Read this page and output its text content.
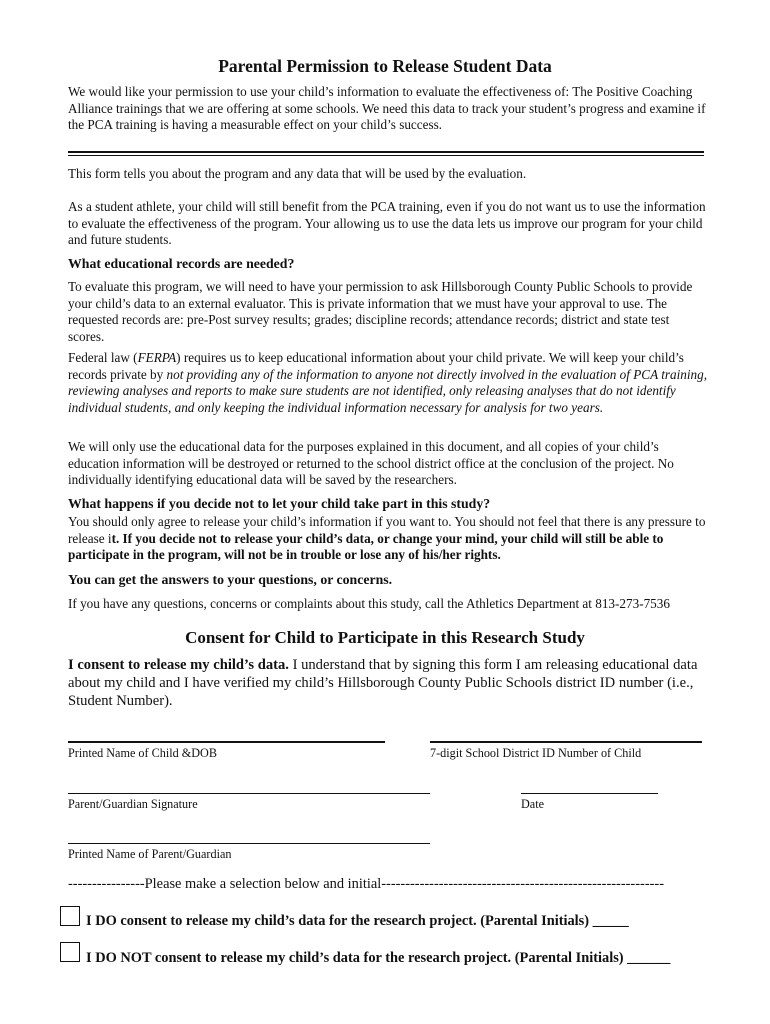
Parental Permission to Release Student Data
We would like your permission to use your child’s information to evaluate the effectiveness of: The Positive Coaching Alliance trainings that we are offering at some schools. We need this data to track your student’s progress and examine if the PCA training is having a measurable effect on your child’s success.
This form tells you about the program and any data that will be used by the evaluation.
As a student athlete, your child will still benefit from the PCA training, even if you do not want us to use the information to evaluate the effectiveness of the program. Your allowing us to use the data lets us improve our program for your child and future students.
What educational records are needed?
To evaluate this program, we will need to have your permission to ask Hillsborough County Public Schools to provide your child’s data to an external evaluator. This is private information that we must have your approval to use. The requested records are: pre-Post survey results; grades; discipline records; attendance records; district and state test scores.
Federal law (FERPA) requires us to keep educational information about your child private. We will keep your child’s records private by not providing any of the information to anyone not directly involved in the evaluation of PCA training, reviewing analyses and reports to make sure students are not identified, only releasing analyses that do not identify individual students, and only keeping the individual information necessary for analysis for two years.
We will only use the educational data for the purposes explained in this document, and all copies of your child’s education information will be destroyed or returned to the school district office at the conclusion of the project. No individually identifying educational data will be saved by the researchers.
What happens if you decide not to let your child take part in this study?
You should only agree to release your child’s information if you want to. You should not feel that there is any pressure to release it. If you decide not to release your child’s data, or change your mind, your child will still be able to participate in the program, will not be in trouble or lose any of his/her rights.
You can get the answers to your questions, or concerns.
If you have any questions, concerns or complaints about this study, call the Athletics Department at 813-273-7536
Consent for Child to Participate in this Research Study
I consent to release my child’s data. I understand that by signing this form I am releasing educational data about my child and I have verified my child’s Hillsborough County Public Schools district ID number (i.e., Student Number).
Printed Name of Child &DOB	7-digit School District ID Number of Child
Parent/Guardian Signature	Date
Printed Name of Parent/Guardian
----------------Please make a selection below and initial-----------------------------------------------------------
I DO consent to release my child’s data for the research project. (Parental Initials) _____
I DO NOT consent to release my child’s data for the research project. (Parental Initials) ______
